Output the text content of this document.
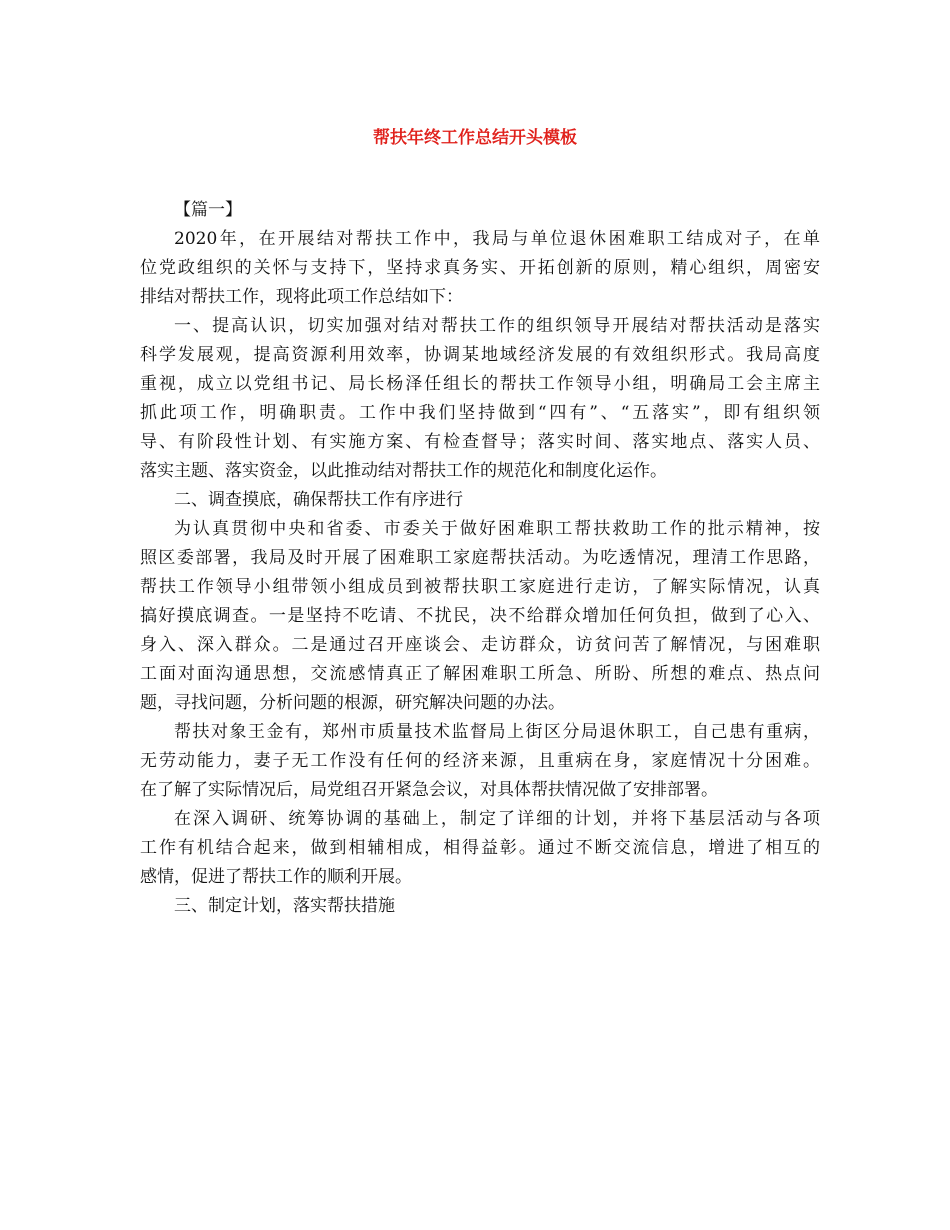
帮扶年终工作总结开头模板
【篇一】
2020年，在开展结对帮扶工作中，我局与单位退休困难职工结成对子，在单
位党政组织的关怀与支持下，坚持求真务实、开拓创新的原则，精心组织，周密安
排结对帮扶工作，现将此项工作总结如下：
一、提高认识，切实加强对结对帮扶工作的组织领导开展结对帮扶活动是落实
科学发展观，提高资源利用效率，协调某地域经济发展的有效组织形式。我局高度
重视，成立以党组书记、局长杨泽任组长的帮扶工作领导小组，明确局工会主席主
抓此项工作，明确职责。工作中我们坚持做到“四有”、“五落实”，即有组织领
导、有阶段性计划、有实施方案、有检查督导；落实时间、落实地点、落实人员、
落实主题、落实资金，以此推动结对帮扶工作的规范化和制度化运作。
二、调查摸底，确保帮扶工作有序进行
为认真贯彻中央和省委、市委关于做好困难职工帮扶救助工作的批示精神，按
照区委部署，我局及时开展了困难职工家庭帮扶活动。为吃透情况，理清工作思路，
帮扶工作领导小组带领小组成员到被帮扶职工家庭进行走访，了解实际情况，认真
搞好摸底调查。一是坚持不吃请、不扰民，决不给群众增加任何负担，做到了心入、
身入、深入群众。二是通过召开座谈会、走访群众，访贫问苦了解情况，与困难职
工面对面沟通思想，交流感情真正了解困难职工所急、所盼、所想的难点、热点问
题，寻找问题，分析问题的根源，研究解决问题的办法。
帮扶对象王金有，郑州市质量技术监督局上街区分局退休职工，自己患有重病，
无劳动能力，妻子无工作没有任何的经济来源，且重病在身，家庭情况十分困难。
在了解了实际情况后，局党组召开紧急会议，对具体帮扶情况做了安排部署。
在深入调研、统筹协调的基础上，制定了详细的计划，并将下基层活动与各项
工作有机结合起来，做到相辅相成，相得益彰。通过不断交流信息，增进了相互的
感情，促进了帮扶工作的顺利开展。
三、制定计划，落实帮扶措施
